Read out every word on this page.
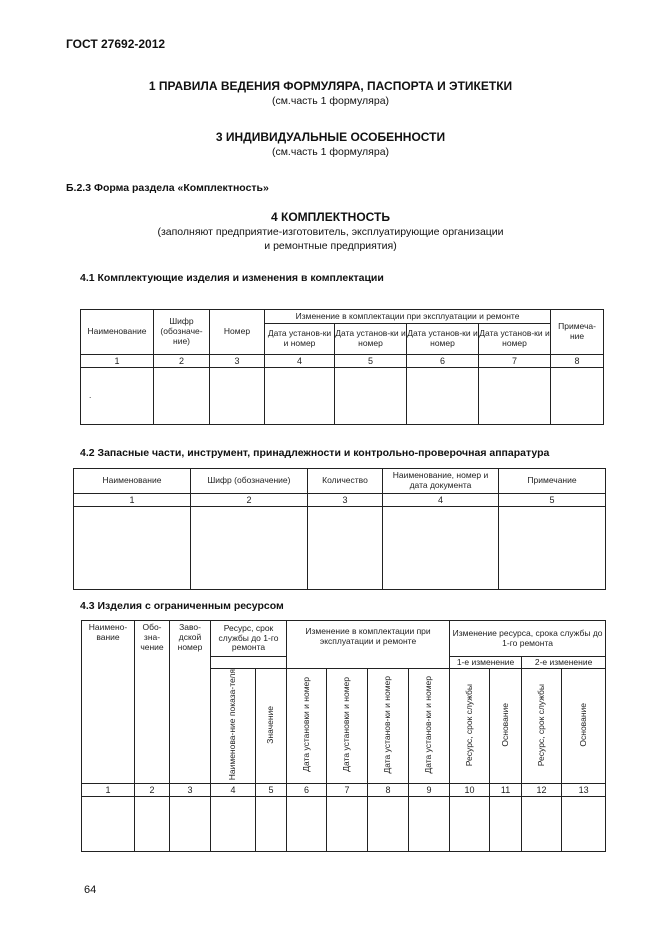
ГОСТ 27692-2012
1 ПРАВИЛА ВЕДЕНИЯ ФОРМУЛЯРА, ПАСПОРТА И ЭТИКЕТКИ
(см.часть 1 формуляра)
3 ИНДИВИДУАЛЬНЫЕ ОСОБЕННОСТИ
(см.часть 1 формуляра)
Б.2.3 Форма раздела «Комплектность»
4 КОМПЛЕКТНОСТЬ
(заполняют предприятие-изготовитель, эксплуатирующие организации
и ремонтные предприятия)
4.1 Комплектующие изделия и изменения в комплектации
Наименование	Шифр (обозначе-ние)	Номер	Изменение в комплектации при эксплуатации и ремонте				Примеча-ние
			Дата установ-ки и номер	Дата установ-ки и номер	Дата установ-ки и номер	Дата установ-ки и номер	
1	2	3	4	5	6	7	8
.							
4.2 Запасные части, инструмент, принадлежности и контрольно-проверочная аппаратура
Наименование	Шифр (обозначение)	Количество	Наименование, номер и дата документа	Примечание
1	2	3	4	5

4.3 Изделия с ограниченным ресурсом
Наимено-вание	Обо-зна-чение	Заво-дской номер	Ресурс, срок службы до 1-го ремонта		Изменение в комплектации при эксплуатации и ремонте				Изменение ресурса, срока службы до 1-го ремонта			
									1-е изменение		2-е изменение	
			Наименова-ние показа-теля	Значение	Дата установки и номер	Дата установки и номер	Дата установ-ки и номер	Дата установ-ки и номер	Ресурс, срок службы	Основание	Ресурс, срок службы	Основание
1	2	3	4	5	6	7	8	9	10	11	12	13

64
